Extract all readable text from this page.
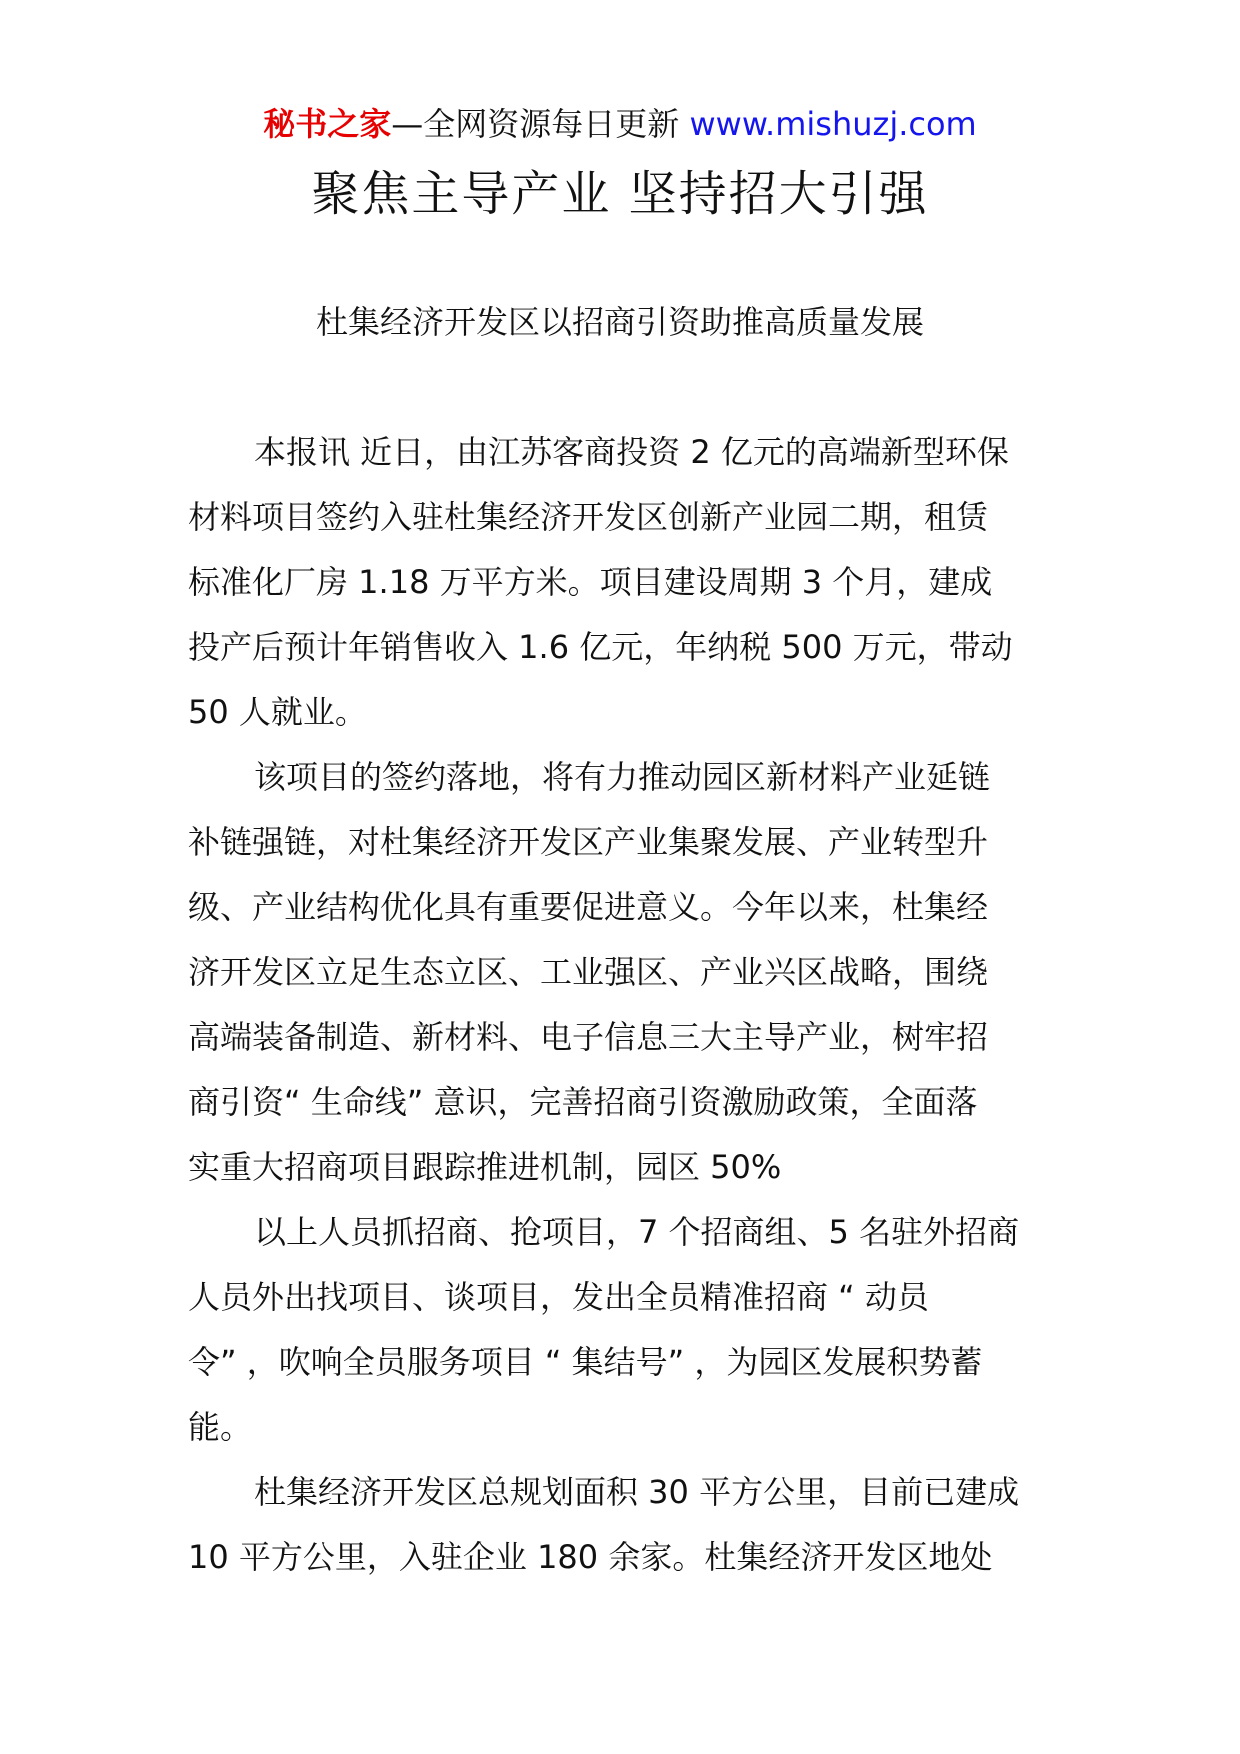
秘书之家—全网资源每日更新 www.mishuzj.com
聚焦主导产业 坚持招大引强
杜集经济开发区以招商引资助推高质量发展

本报讯 近日，由江苏客商投资 2 亿元的高端新型环保
材料项目签约入驻杜集经济开发区创新产业园二期，租赁
标准化厂房 1.18 万平方米。项目建设周期 3 个月，建成
投产后预计年销售收入 1.6 亿元，年纳税 500 万元，带动
50 人就业。

该项目的签约落地，将有力推动园区新材料产业延链
补链强链，对杜集经济开发区产业集聚发展、产业转型升
级、产业结构优化具有重要促进意义。今年以来，杜集经
济开发区立足生态立区、工业强区、产业兴区战略，围绕
高端装备制造、新材料、电子信息三大主导产业，树牢招
商引资“ 生命线” 意识，完善招商引资激励政策，全面落
实重大招商项目跟踪推进机制，园区 50%

以上人员抓招商、抢项目，7 个招商组、5 名驻外招商
人员外出找项目、谈项目，发出全员精准招商 “ 动员
令” ，吹响全员服务项目 “ 集结号” ，为园区发展积势蓄
能。

杜集经济开发区总规划面积 30 平方公里，目前已建成
10 平方公里，入驻企业 180 余家。杜集经济开发区地处
